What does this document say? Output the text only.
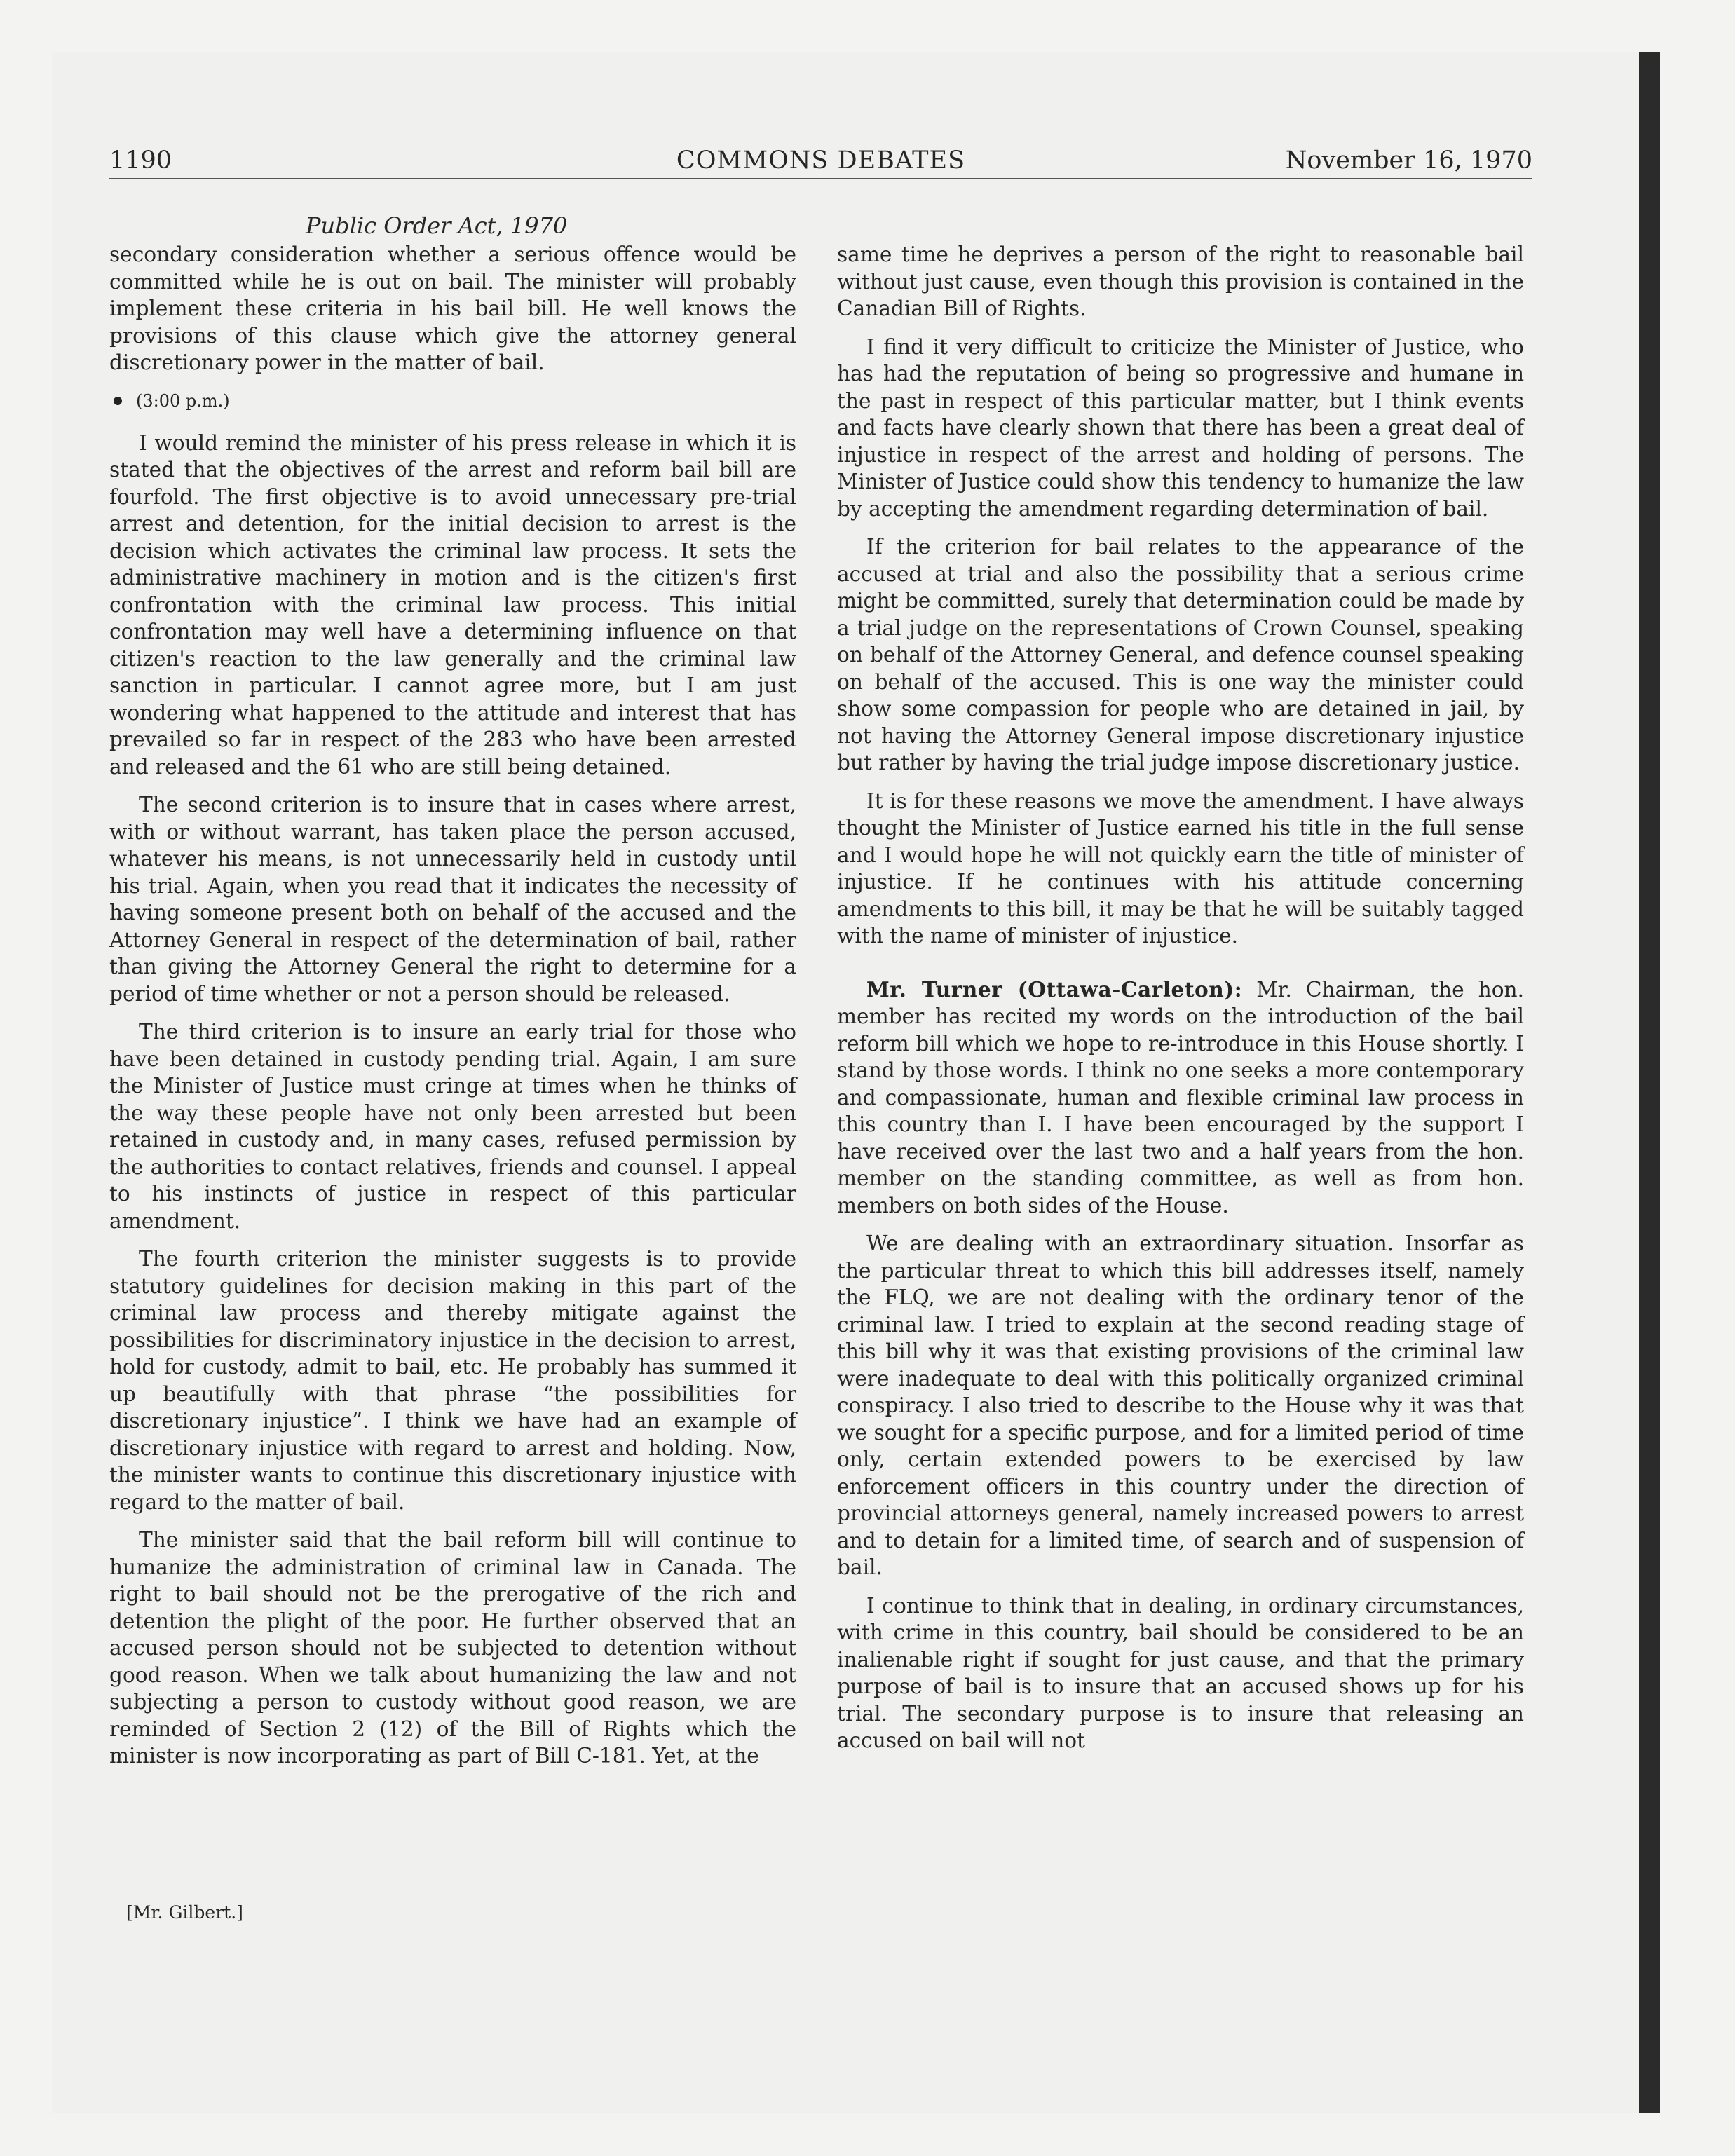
1190	COMMONS DEBATES	November 16, 1970
Public Order Act, 1970

secondary consideration whether a serious offence would be committed while he is out on bail. The minister will probably implement these criteria in his bail bill. He well knows the provisions of this clause which give the attorney general discretionary power in the matter of bail.

(3:00 p.m.)

I would remind the minister of his press release in which it is stated that the objectives of the arrest and reform bail bill are fourfold. The first objective is to avoid unnecessary pre-trial arrest and detention, for the initial decision to arrest is the decision which activates the criminal law process. It sets the administrative machinery in motion and is the citizen's first confrontation with the criminal law process. This initial confrontation may well have a determining influence on that citizen's reaction to the law generally and the criminal law sanction in particular. I cannot agree more, but I am just wondering what happened to the attitude and interest that has prevailed so far in respect of the 283 who have been arrested and released and the 61 who are still being detained.

The second criterion is to insure that in cases where arrest, with or without warrant, has taken place the person accused, whatever his means, is not unnecessarily held in custody until his trial. Again, when you read that it indicates the necessity of having someone present both on behalf of the accused and the Attorney General in respect of the determination of bail, rather than giving the Attorney General the right to determine for a period of time whether or not a person should be released.

The third criterion is to insure an early trial for those who have been detained in custody pending trial. Again, I am sure the Minister of Justice must cringe at times when he thinks of the way these people have not only been arrested but been retained in custody and, in many cases, refused permission by the authorities to contact relatives, friends and counsel. I appeal to his instincts of justice in respect of this particular amendment.

The fourth criterion the minister suggests is to provide statutory guidelines for decision making in this part of the criminal law process and thereby mitigate against the possibilities for discriminatory injustice in the decision to arrest, hold for custody, admit to bail, etc. He probably has summed it up beautifully with that phrase “the possibilities for discretionary injustice”. I think we have had an example of discretionary injustice with regard to arrest and holding. Now, the minister wants to continue this discretionary injustice with regard to the matter of bail.

The minister said that the bail reform bill will continue to humanize the administration of criminal law in Canada. The right to bail should not be the prerogative of the rich and detention the plight of the poor. He further observed that an accused person should not be subjected to detention without good reason. When we talk about humanizing the law and not subjecting a person to custody without good reason, we are reminded of Section 2 (12) of the Bill of Rights which the minister is now incorporating as part of Bill C-181. Yet, at the

same time he deprives a person of the right to reasonable bail without just cause, even though this provision is contained in the Canadian Bill of Rights.

I find it very difficult to criticize the Minister of Justice, who has had the reputation of being so progressive and humane in the past in respect of this particular matter, but I think events and facts have clearly shown that there has been a great deal of injustice in respect of the arrest and holding of persons. The Minister of Justice could show this tendency to humanize the law by accepting the amendment regarding determination of bail.

If the criterion for bail relates to the appearance of the accused at trial and also the possibility that a serious crime might be committed, surely that determination could be made by a trial judge on the representations of Crown Counsel, speaking on behalf of the Attorney General, and defence counsel speaking on behalf of the accused. This is one way the minister could show some compassion for people who are detained in jail, by not having the Attorney General impose discretionary injustice but rather by having the trial judge impose discretionary justice.

It is for these reasons we move the amendment. I have always thought the Minister of Justice earned his title in the full sense and I would hope he will not quickly earn the title of minister of injustice. If he continues with his attitude concerning amendments to this bill, it may be that he will be suitably tagged with the name of minister of injustice.

Mr. Turner (Ottawa-Carleton): Mr. Chairman, the hon. member has recited my words on the introduction of the bail reform bill which we hope to re-introduce in this House shortly. I stand by those words. I think no one seeks a more contemporary and compassionate, human and flexible criminal law process in this country than I. I have been encouraged by the support I have received over the last two and a half years from the hon. member on the standing committee, as well as from hon. members on both sides of the House.

We are dealing with an extraordinary situation. Insorfar as the particular threat to which this bill addresses itself, namely the FLQ, we are not dealing with the ordinary tenor of the criminal law. I tried to explain at the second reading stage of this bill why it was that existing provisions of the criminal law were inadequate to deal with this politically organized criminal conspiracy. I also tried to describe to the House why it was that we sought for a specific purpose, and for a limited period of time only, certain extended powers to be exercised by law enforcement officers in this country under the direction of provincial attorneys general, namely increased powers to arrest and to detain for a limited time, of search and of suspension of bail.

I continue to think that in dealing, in ordinary circumstances, with crime in this country, bail should be considered to be an inalienable right if sought for just cause, and that the primary purpose of bail is to insure that an accused shows up for his trial. The secondary purpose is to insure that releasing an accused on bail will not

[Mr. Gilbert.]
